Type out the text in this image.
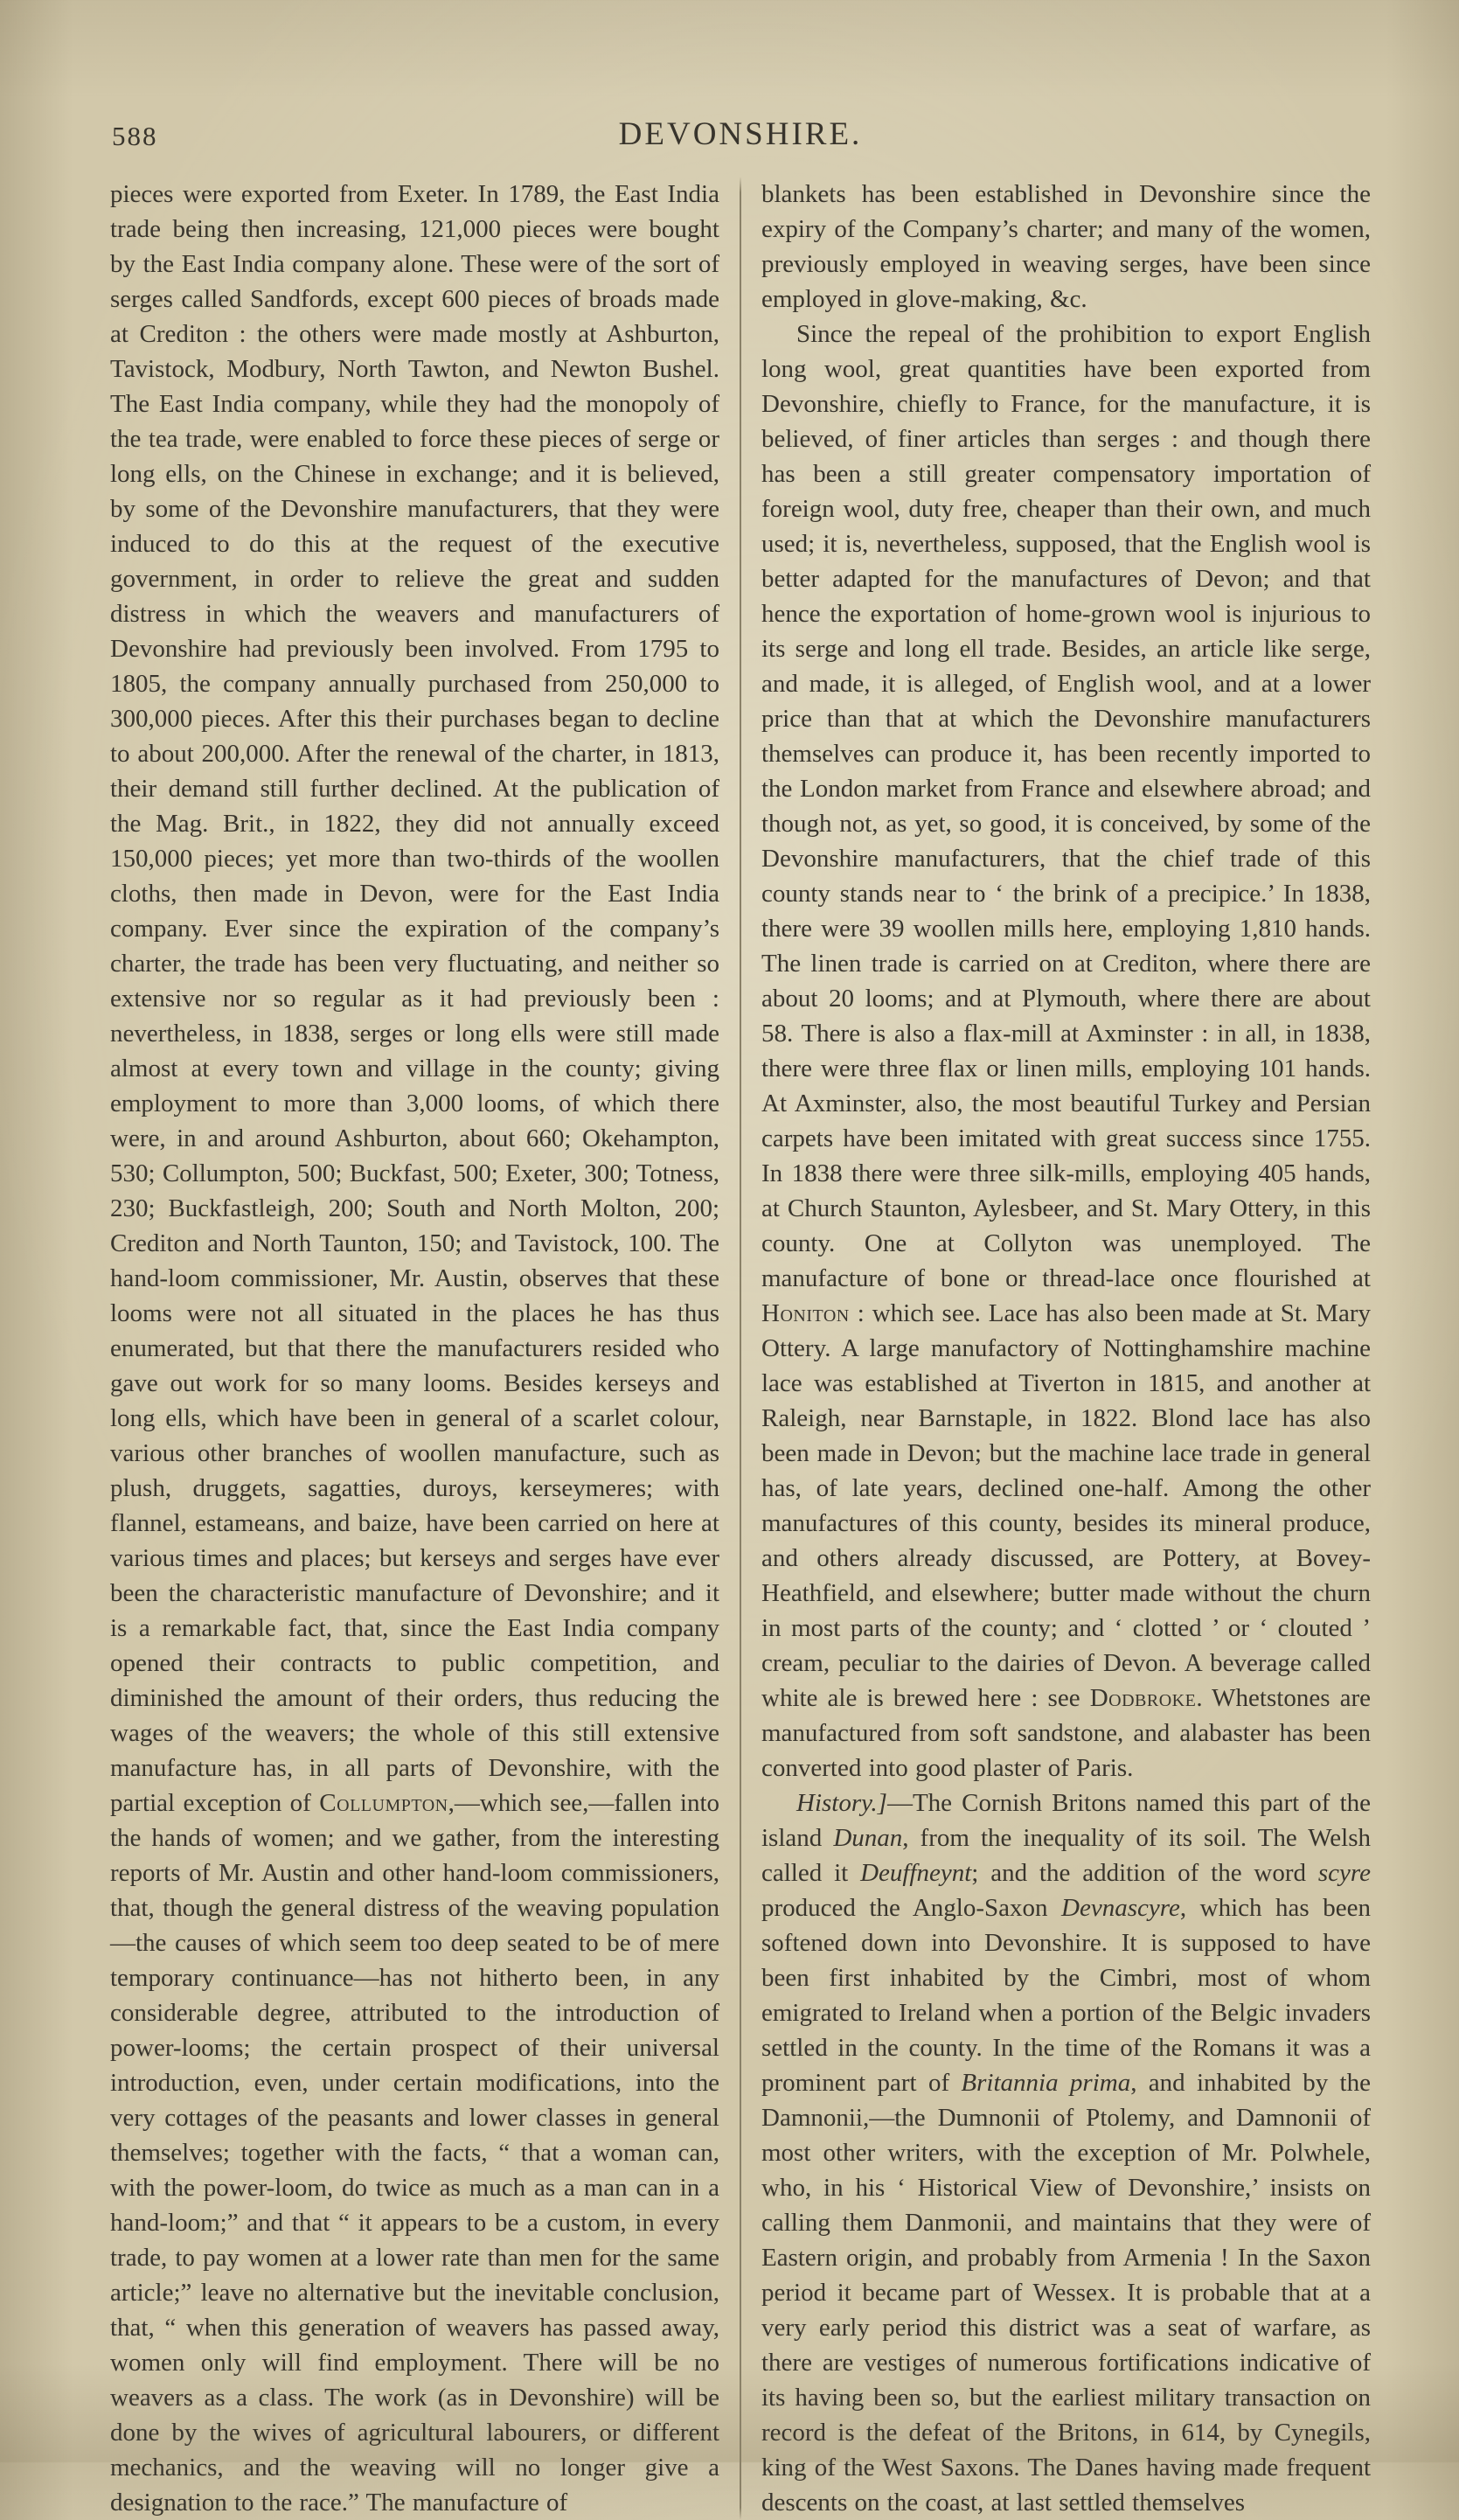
588	DEVONSHIRE.

pieces were exported from Exeter. In 1789, the East India trade being then increasing, 121,000 pieces were bought by the East India company alone. These were of the sort of serges called Sandfords, except 600 pieces of broads made at Crediton : the others were made mostly at Ashburton, Tavistock, Modbury, North Tawton, and Newton Bushel. The East India company, while they had the monopoly of the tea trade, were enabled to force these pieces of serge or long ells, on the Chinese in exchange; and it is believed, by some of the Devonshire manufacturers, that they were induced to do this at the request of the executive government, in order to relieve the great and sudden distress in which the weavers and manufacturers of Devonshire had previously been involved. From 1795 to 1805, the company annually purchased from 250,000 to 300,000 pieces. After this their purchases began to decline to about 200,000. After the renewal of the charter, in 1813, their demand still further declined. At the publication of the Mag. Brit., in 1822, they did not annually exceed 150,000 pieces; yet more than two-thirds of the woollen cloths, then made in Devon, were for the East India company. Ever since the expiration of the company’s charter, the trade has been very fluctuating, and neither so extensive nor so regular as it had previously been : nevertheless, in 1838, serges or long ells were still made almost at every town and village in the county; giving employment to more than 3,000 looms, of which there were, in and around Ashburton, about 660; Okehampton, 530; Collumpton, 500; Buckfast, 500; Exeter, 300; Totness, 230; Buckfastleigh, 200; South and North Molton, 200; Crediton and North Taunton, 150; and Tavistock, 100. The hand-loom commissioner, Mr. Austin, observes that these looms were not all situated in the places he has thus enumerated, but that there the manufacturers resided who gave out work for so many looms. Besides kerseys and long ells, which have been in general of a scarlet colour, various other branches of woollen manufacture, such as plush, druggets, sagatties, duroys, kerseymeres; with flannel, estameans, and baize, have been carried on here at various times and places; but kerseys and serges have ever been the characteristic manufacture of Devonshire; and it is a remarkable fact, that, since the East India company opened their contracts to public competition, and diminished the amount of their orders, thus reducing the wages of the weavers; the whole of this still extensive manufacture has, in all parts of Devonshire, with the partial exception of Collumpton,—which see,—fallen into the hands of women; and we gather, from the interesting reports of Mr. Austin and other hand-loom commissioners, that, though the general distress of the weaving population—the causes of which seem too deep seated to be of mere temporary continuance—has not hitherto been, in any considerable degree, attributed to the introduction of power-looms; the certain prospect of their universal introduction, even, under certain modifications, into the very cottages of the peasants and lower classes in general themselves; together with the facts, “ that a woman can, with the power-loom, do twice as much as a man can in a hand-loom;” and that “ it appears to be a custom, in every trade, to pay women at a lower rate than men for the same article;” leave no alternative but the inevitable conclusion, that, “ when this generation of weavers has passed away, women only will find employment. There will be no weavers as a class. The work (as in Devonshire) will be done by the wives of agricultural labourers, or different mechanics, and the weaving will no longer give a designation to the race.” The manufacture of

blankets has been established in Devonshire since the expiry of the Company’s charter; and many of the women, previously employed in weaving serges, have been since employed in glove-making, &c.

Since the repeal of the prohibition to export English long wool, great quantities have been exported from Devonshire, chiefly to France, for the manufacture, it is believed, of finer articles than serges : and though there has been a still greater compensatory importation of foreign wool, duty free, cheaper than their own, and much used; it is, nevertheless, supposed, that the English wool is better adapted for the manufactures of Devon; and that hence the exportation of home-grown wool is injurious to its serge and long ell trade. Besides, an article like serge, and made, it is alleged, of English wool, and at a lower price than that at which the Devonshire manufacturers themselves can produce it, has been recently imported to the London market from France and elsewhere abroad; and though not, as yet, so good, it is conceived, by some of the Devonshire manufacturers, that the chief trade of this county stands near to ‘ the brink of a precipice.’ In 1838, there were 39 woollen mills here, employing 1,810 hands. The linen trade is carried on at Crediton, where there are about 20 looms; and at Plymouth, where there are about 58. There is also a flax-mill at Axminster : in all, in 1838, there were three flax or linen mills, employing 101 hands. At Axminster, also, the most beautiful Turkey and Persian carpets have been imitated with great success since 1755. In 1838 there were three silk-mills, employing 405 hands, at Church Staunton, Aylesbeer, and St. Mary Ottery, in this county. One at Collyton was unemployed. The manufacture of bone or thread-lace once flourished at Honiton : which see. Lace has also been made at St. Mary Ottery. A large manufactory of Nottinghamshire machine lace was established at Tiverton in 1815, and another at Raleigh, near Barnstaple, in 1822. Blond lace has also been made in Devon; but the machine lace trade in general has, of late years, declined one-half. Among the other manufactures of this county, besides its mineral produce, and others already discussed, are Pottery, at Bovey-Heathfield, and elsewhere; butter made without the churn in most parts of the county; and ‘ clotted ’ or ‘ clouted ’ cream, peculiar to the dairies of Devon. A beverage called white ale is brewed here : see Dodbroke. Whetstones are manufactured from soft sandstone, and alabaster has been converted into good plaster of Paris.

History.]—The Cornish Britons named this part of the island Dunan, from the inequality of its soil. The Welsh called it Deuffneynt; and the addition of the word scyre produced the Anglo-Saxon Devnascyre, which has been softened down into Devonshire. It is supposed to have been first inhabited by the Cimbri, most of whom emigrated to Ireland when a portion of the Belgic invaders settled in the county. In the time of the Romans it was a prominent part of Britannia prima, and inhabited by the Damnonii,—the Dumnonii of Ptolemy, and Damnonii of most other writers, with the exception of Mr. Polwhele, who, in his ‘ Historical View of Devonshire,’ insists on calling them Danmonii, and maintains that they were of Eastern origin, and probably from Armenia ! In the Saxon period it became part of Wessex. It is probable that at a very early period this district was a seat of warfare, as there are vestiges of numerous fortifications indicative of its having been so, but the earliest military transaction on record is the defeat of the Britons, in 614, by Cynegils, king of the West Saxons. The Danes having made frequent descents on the coast, at last settled themselves
